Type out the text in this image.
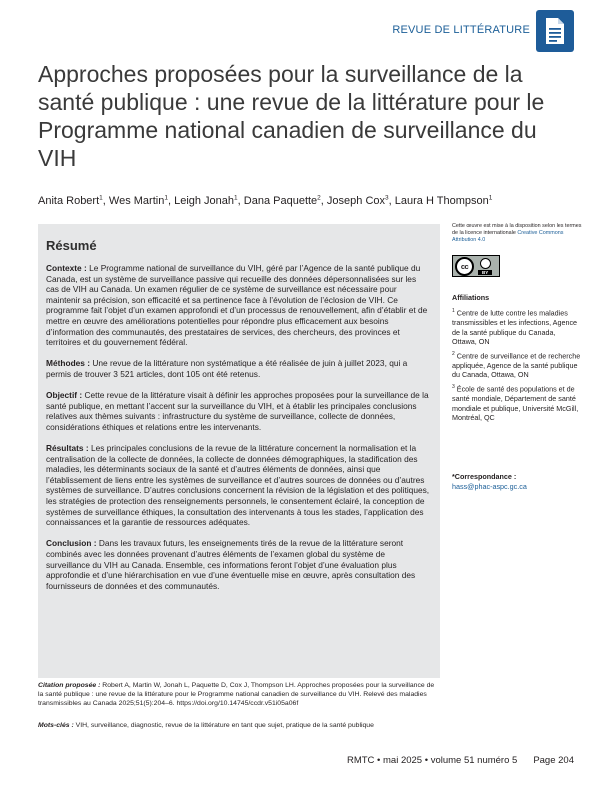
REVUE DE LITTÉRATURE
Approches proposées pour la surveillance de la santé publique : une revue de la littérature pour le Programme national canadien de surveillance du VIH
Anita Robert$^1$, Wes Martin$^1$, Leigh Jonah$^1$, Dana Paquette$^2$, Joseph Cox$^3$, Laura H Thompson$^1$
Résumé

Contexte : Le Programme national de surveillance du VIH, géré par l’Agence de la santé publique du Canada, est un système de surveillance passive qui recueille des données dépersonnalisées sur les cas de VIH au Canada. Un examen régulier de ce système de surveillance est nécessaire pour maintenir sa précision, son efficacité et sa pertinence face à l’évolution de l’éclosion de VIH. Ce programme fait l’objet d’un examen approfondi et d’un processus de renouvellement, afin d’établir et de mettre en œuvre des améliorations potentielles pour répondre plus efficacement aux besoins d’information des communautés, des prestataires de services, des chercheurs, des provinces et territoires et du gouvernement fédéral.

Méthodes : Une revue de la littérature non systématique a été réalisée de juin à juillet 2023, qui a permis de trouver 3 521 articles, dont 105 ont été retenus.

Objectif : Cette revue de la littérature visait à définir les approches proposées pour la surveillance de la santé publique, en mettant l’accent sur la surveillance du VIH, et à établir les principales conclusions relatives aux thèmes suivants : infrastructure du système de surveillance, collecte de données, considérations éthiques et relations entre les intervenants.

Résultats : Les principales conclusions de la revue de la littérature concernent la normalisation et la centralisation de la collecte de données, la collecte de données démographiques, la stadification des maladies, les déterminants sociaux de la santé et d’autres éléments de données, ainsi que l’établissement de liens entre les systèmes de surveillance et d’autres sources de données ou d’autres systèmes de surveillance. D’autres conclusions concernent la révision de la législation et des politiques, les stratégies de protection des renseignements personnels, le consentement éclairé, la conception de systèmes de surveillance éthiques, la consultation des intervenants à tous les stades, l’application des connaissances et la garantie de ressources adéquates.

Conclusion : Dans les travaux futurs, les enseignements tirés de la revue de la littérature seront combinés avec les données provenant d’autres éléments de l’examen global du système de surveillance du VIH au Canada. Ensemble, ces informations feront l’objet d’une évaluation plus approfondie et d’une hiérarchisation en vue d’une éventuelle mise en œuvre, après consultation des fournisseurs de données et des communautés.

Cette œuvre est mise à la disposition selon les termes de la licence internationale Creative Commons Attribution 4.0
cc
BY
Affiliations
$^1$ Centre de lutte contre les maladies transmissibles et les infections, Agence de la santé publique du Canada, Ottawa, ON
$^2$ Centre de surveillance et de recherche appliquée, Agence de la santé publique du Canada, Ottawa, ON
$^3$ École de santé des populations et de santé mondiale, Département de santé mondiale et publique, Université McGill, Montréal, QC
*Correspondance :
hass@phac-aspc.gc.ca
Citation proposée : Robert A, Martin W, Jonah L, Paquette D, Cox J, Thompson LH. Approches proposées pour la surveillance de la santé publique : une revue de la littérature pour le Programme national canadien de surveillance du VIH. Relevé des maladies transmissibles au Canada 2025;51(5):204–6. https://doi.org/10.14745/ccdr.v51i05a06f
Mots-clés : VIH, surveillance, diagnostic, revue de la littérature en tant que sujet, pratique de la santé publique
RMTC • mai 2025 • volume 51 numéro 5 Page 204
